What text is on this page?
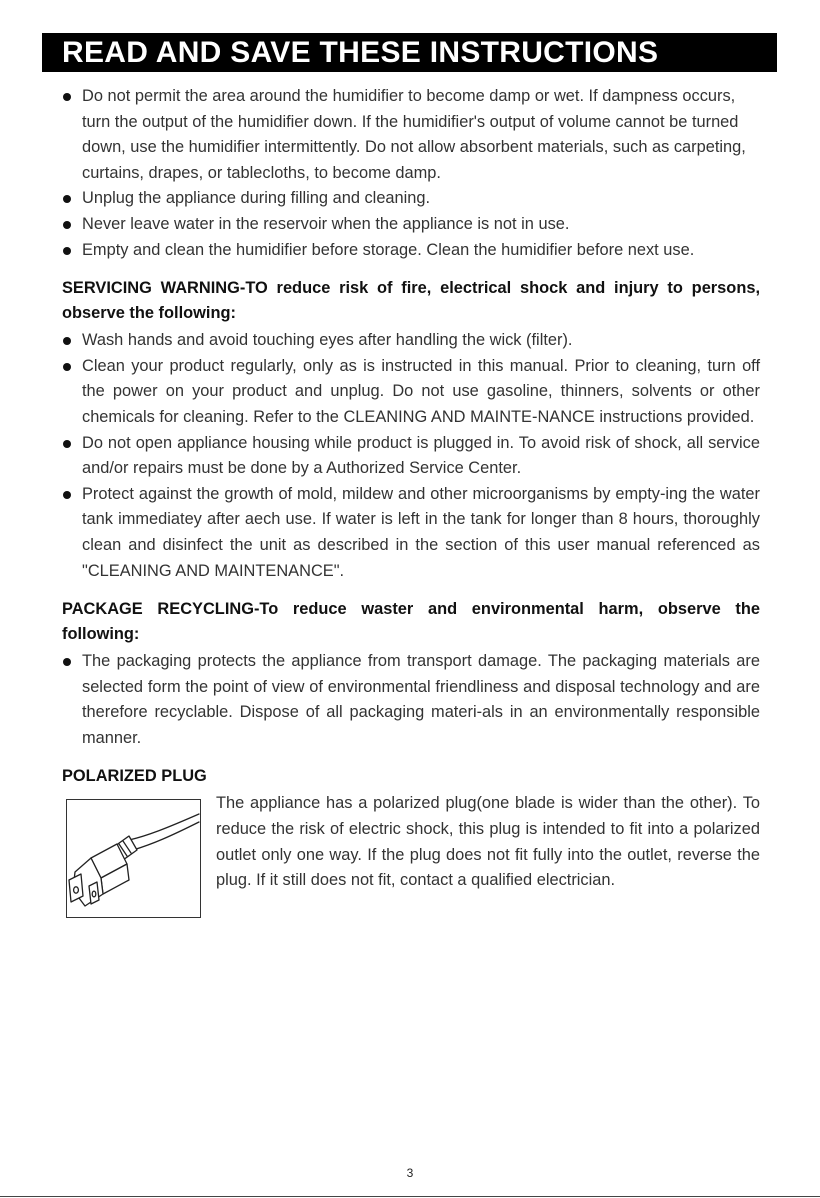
READ AND SAVE THESE INSTRUCTIONS
Do not permit the area around the humidifier to become damp or wet. If dampness occurs, turn the output of the humidifier down. If the humidifier's output of volume cannot be turned down, use the humidifier intermittently. Do not allow absorbent materials, such as carpeting, curtains, drapes, or tablecloths, to become damp.
Unplug the appliance during filling and cleaning.
Never leave water in the reservoir when the appliance is not in use.
Empty and clean the humidifier before storage. Clean the humidifier before next use.
SERVICING WARNING-TO reduce risk of fire, electrical shock and injury to persons, observe the following:
Wash hands and avoid touching eyes after handling the wick (filter).
Clean your product regularly, only as is instructed in this manual. Prior to cleaning, turn off the power on your product and unplug. Do not use gasoline, thinners, solvents or other chemicals for cleaning. Refer to the CLEANING AND MAINTE-NANCE instructions provided.
Do not open appliance housing while product is plugged in. To avoid risk of shock, all service and/or repairs must be done by a Authorized Service Center.
Protect against the growth of mold, mildew and other microorganisms by empty-ing the water tank immediatey after aech use. If water is left in the tank for longer than 8 hours, thoroughly clean and disinfect the unit as described in the section of this user manual referenced as "CLEANING AND MAINTENANCE".
PACKAGE RECYCLING-To reduce waster and environmental harm, observe the following:
The packaging protects the appliance from transport damage. The packaging materials are selected form the point of view of environmental friendliness and disposal technology and are therefore recyclable. Dispose of all packaging materi-als in an environmentally responsible manner.
POLARIZED PLUG
The appliance has a polarized plug(one blade is wider than the other). To reduce the risk of electric shock, this plug is intended to fit into a polarized outlet only one way. If the plug does not fit fully into the outlet, reverse the plug. If it still does not fit, contact a qualified electrician.
3
